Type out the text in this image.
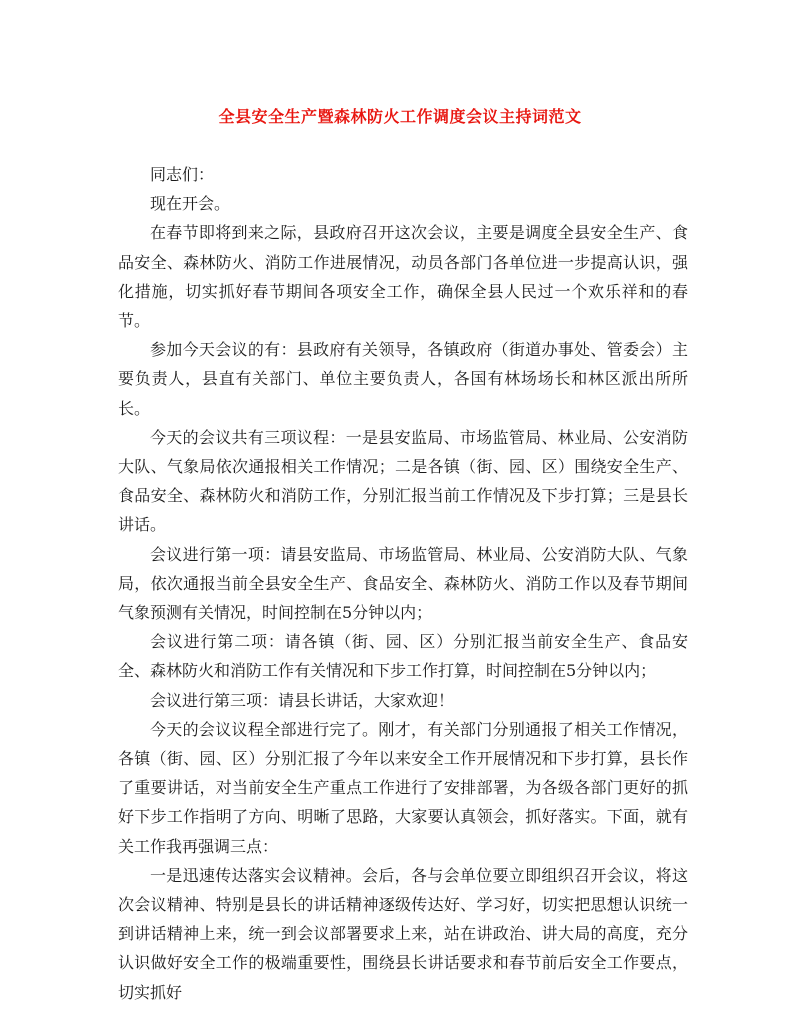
全县安全生产暨森林防火工作调度会议主持词范文

同志们：

现在开会。

在春节即将到来之际，县政府召开这次会议，主要是调度全县安全生产、食品安全、森林防火、消防工作进展情况，动员各部门各单位进一步提高认识，强化措施，切实抓好春节期间各项安全工作，确保全县人民过一个欢乐祥和的春节。

参加今天会议的有：县政府有关领导，各镇政府（街道办事处、管委会）主要负责人，县直有关部门、单位主要负责人，各国有林场场长和林区派出所所长。

今天的会议共有三项议程：一是县安监局、市场监管局、林业局、公安消防大队、气象局依次通报相关工作情况；二是各镇（街、园、区）围绕安全生产、食品安全、森林防火和消防工作，分别汇报当前工作情况及下步打算；三是县长讲话。

会议进行第一项：请县安监局、市场监管局、林业局、公安消防大队、气象局，依次通报当前全县安全生产、食品安全、森林防火、消防工作以及春节期间气象预测有关情况，时间控制在5分钟以内；

会议进行第二项：请各镇（街、园、区）分别汇报当前安全生产、食品安全、森林防火和消防工作有关情况和下步工作打算，时间控制在5分钟以内；

会议进行第三项：请县长讲话，大家欢迎！

今天的会议议程全部进行完了。刚才，有关部门分别通报了相关工作情况，各镇（街、园、区）分别汇报了今年以来安全工作开展情况和下步打算，县长作了重要讲话，对当前安全生产重点工作进行了安排部署，为各级各部门更好的抓好下步工作指明了方向、明晰了思路，大家要认真领会，抓好落实。下面，就有关工作我再强调三点：

一是迅速传达落实会议精神。会后，各与会单位要立即组织召开会议，将这次会议精神、特别是县长的讲话精神逐级传达好、学习好，切实把思想认识统一到讲话精神上来，统一到会议部署要求上来，站在讲政治、讲大局的高度，充分认识做好安全工作的极端重要性，围绕县长讲话要求和春节前后安全工作要点，切实抓好
